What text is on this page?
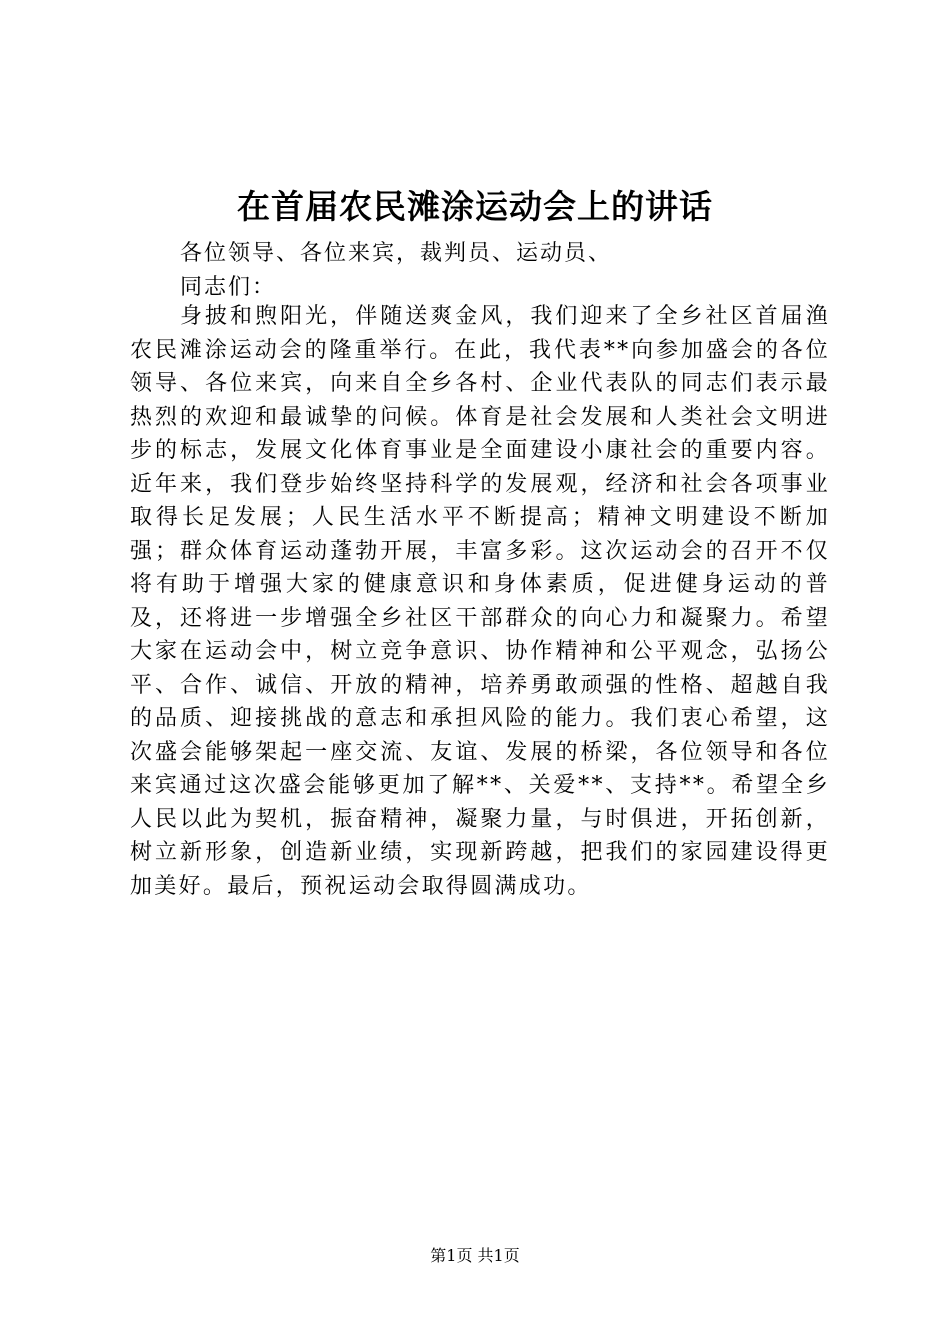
在首届农民滩涂运动会上的讲话

各位领导、各位来宾，裁判员、运动员、

同志们：

身披和煦阳光，伴随送爽金风，我们迎来了全乡社区首届渔农民滩涂运动会的隆重举行。在此，我代表**向参加盛会的各位领导、各位来宾，向来自全乡各村、企业代表队的同志们表示最热烈的欢迎和最诚挚的问候。体育是社会发展和人类社会文明进步的标志，发展文化体育事业是全面建设小康社会的重要内容。近年来，我们登步始终坚持科学的发展观，经济和社会各项事业取得长足发展；人民生活水平不断提高；精神文明建设不断加强；群众体育运动蓬勃开展，丰富多彩。这次运动会的召开不仅将有助于增强大家的健康意识和身体素质，促进健身运动的普及，还将进一步增强全乡社区干部群众的向心力和凝聚力。希望大家在运动会中，树立竞争意识、协作精神和公平观念，弘扬公平、合作、诚信、开放的精神，培养勇敢顽强的性格、超越自我的品质、迎接挑战的意志和承担风险的能力。我们衷心希望，这次盛会能够架起一座交流、友谊、发展的桥梁，各位领导和各位来宾通过这次盛会能够更加了解**、关爱**、支持**。希望全乡人民以此为契机，振奋精神，凝聚力量，与时俱进，开拓创新，树立新形象，创造新业绩，实现新跨越，把我们的家园建设得更加美好。最后，预祝运动会取得圆满成功。

第1页 共1页
